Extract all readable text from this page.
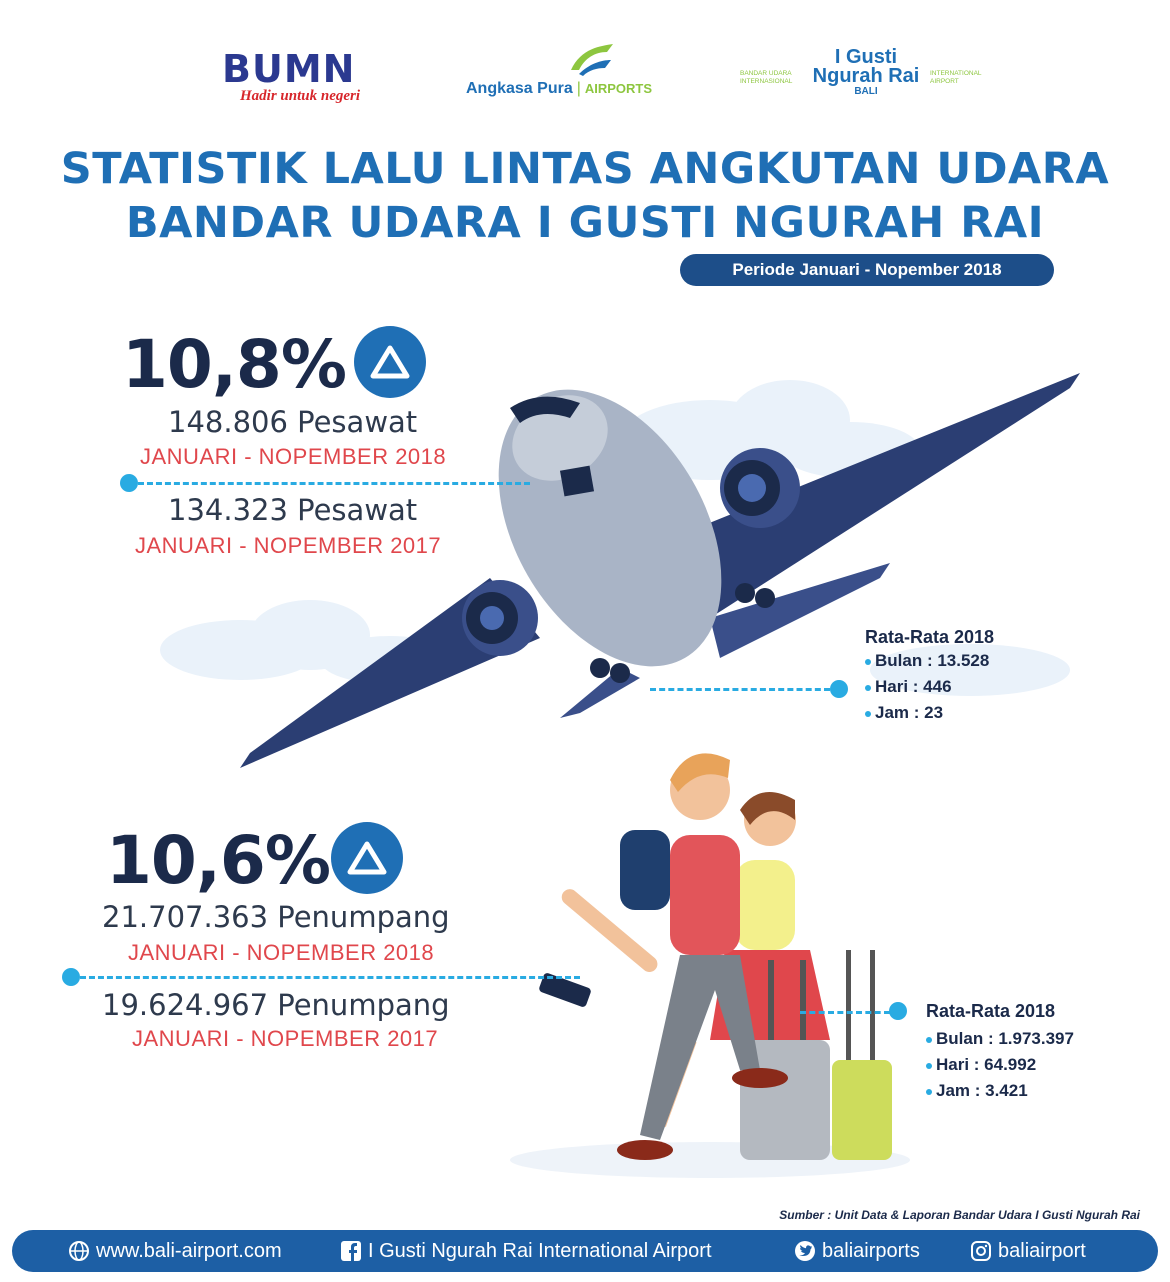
BUMN
Hadir untuk negeri	Angkasa Pura | AIRPORTS
BANDAR UDARA INTERNASIONAL
I Gusti
Ngurah Rai
BALI
INTERNATIONAL AIRPORT
STATISTIK LALU LINTAS ANGKUTAN UDARA
BANDAR UDARA I GUSTI NGURAH RAI
Periode Januari - Nopember 2018
10,8%
148.806 Pesawat
JANUARI - NOPEMBER 2018
134.323 Pesawat
JANUARI - NOPEMBER 2017
Rata-Rata 2018
Bulan : 13.528
Hari : 446
Jam : 23
10,6%
21.707.363 Penumpang
JANUARI - NOPEMBER 2018
19.624.967 Penumpang
JANUARI - NOPEMBER 2017
Rata-Rata 2018
Bulan : 1.973.397
Hari : 64.992
Jam : 3.421
Sumber : Unit Data & Laporan Bandar Udara I Gusti Ngurah Rai
www.bali-airport.com	I Gusti Ngurah Rai International Airport	baliairports	baliairport
